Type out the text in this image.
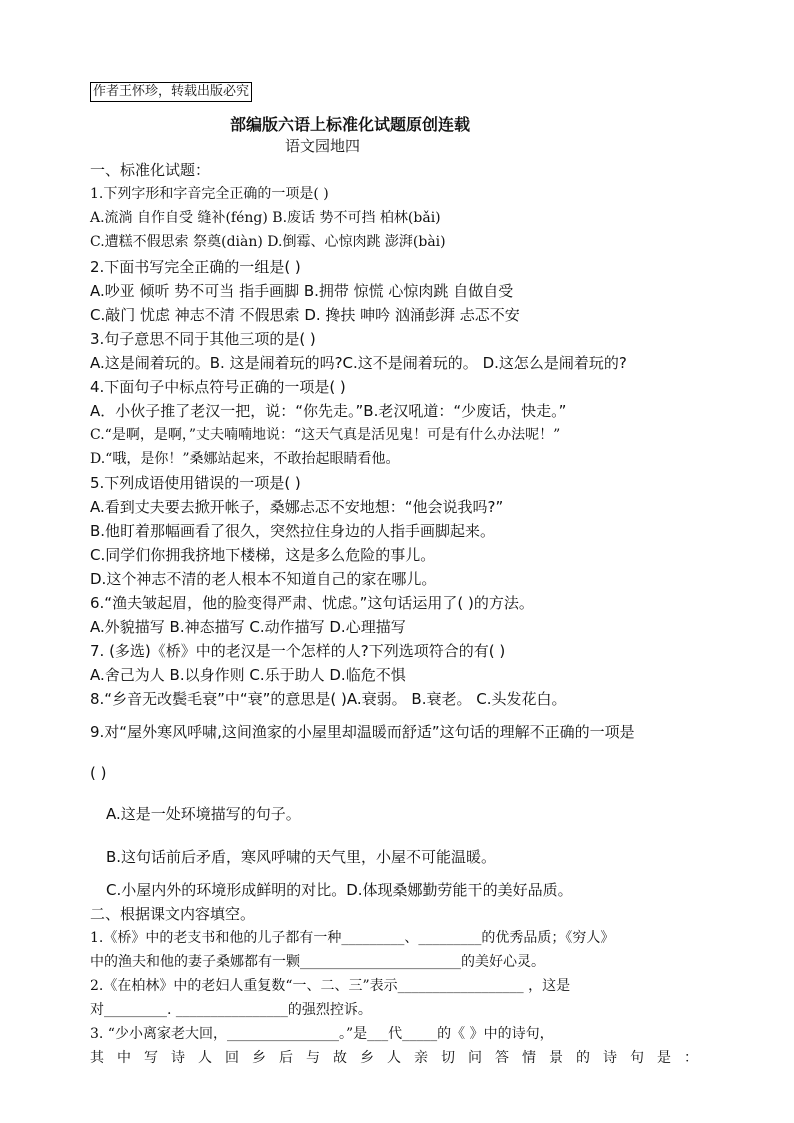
作者王怀珍，转载出版必究
部编版六语上标准化试题原创连载
语文园地四
一、标准化试题：
1.下列字形和字音完全正确的一项是( )
A.流淌 自作自受 缝补(féng) B.废话 势不可挡 柏林(bǎi)
C.遭糕不假思索 祭奠(diàn) D.倒霉、心惊肉跳 澎湃(bài)
2.下面书写完全正确的一组是( )
A.吵亚 倾听 势不可当 指手画脚 B.拥带 惊慌 心惊肉跳 自做自受
C.敲门 忧虑 神志不清 不假思索 D. 搀扶 呻吟 汹涌彭湃 忐忑不安
3.句子意思不同于其他三项的是( )
A.这是闹着玩的。B. 这是闹着玩的吗?C.这不是闹着玩的。 D.这怎么是闹着玩的?
4.下面句子中标点符号正确的一项是( )
A．小伙子推了老汉一把，说：“你先走。”B.老汉吼道：“少废话，快走。”
C.“是啊，是啊，”丈夫喃喃地说：“这天气真是活见鬼！可是有什么办法呢！”
D.“哦，是你！”桑娜站起来，不敢抬起眼睛看他。
5.下列成语使用错误的一项是( )
A.看到丈夫要去掀开帐子，桑娜忐忑不安地想：“他会说我吗?”
B.他盯着那幅画看了很久，突然拉住身边的人指手画脚起来。
C.同学们你拥我挤地下楼梯，这是多么危险的事儿。
D.这个神志不清的老人根本不知道自己的家在哪儿。
6.“渔夫皱起眉，他的脸变得严肃、忧虑。”这句话运用了( )的方法。
A.外貌描写 B.神态描写 C.动作描写 D.心理描写
7. (多选)《桥》中的老汉是一个怎样的人?下列选项符合的有( )
A.舍己为人 B.以身作则 C.乐于助人 D.临危不惧
8.“乡音无改鬓毛衰”中“衰”的意思是( )A.衰弱。 B.衰老。 C.头发花白。
9.对“屋外寒风呼啸,这间渔家的小屋里却温暖而舒适”这句话的理解不正确的一项是
( )
A.这是一处环境描写的句子。
B.这句话前后矛盾，寒风呼啸的天气里，小屋不可能温暖。
C.小屋内外的环境形成鲜明的对比。D.体现桑娜勤劳能干的美好品质。
二、根据课文内容填空。
1.《桥》中的老支书和他的儿子都有一种_________、_________的优秀品质；《穷人》
中的渔夫和他的妻子桑娜都有一颗_______________________的美好心灵。
2.《在柏林》中的老妇人重复数“一、二、三”表示__________________ ，这是
对_________. ________________的强烈控诉。
3. “少小离家老大回，________________。”是___代_____的《 》中的诗句，
其 中 写 诗 人 回 乡 后 与 故 乡 人 亲 切 问 答 情 景 的 诗 句 是 ：
